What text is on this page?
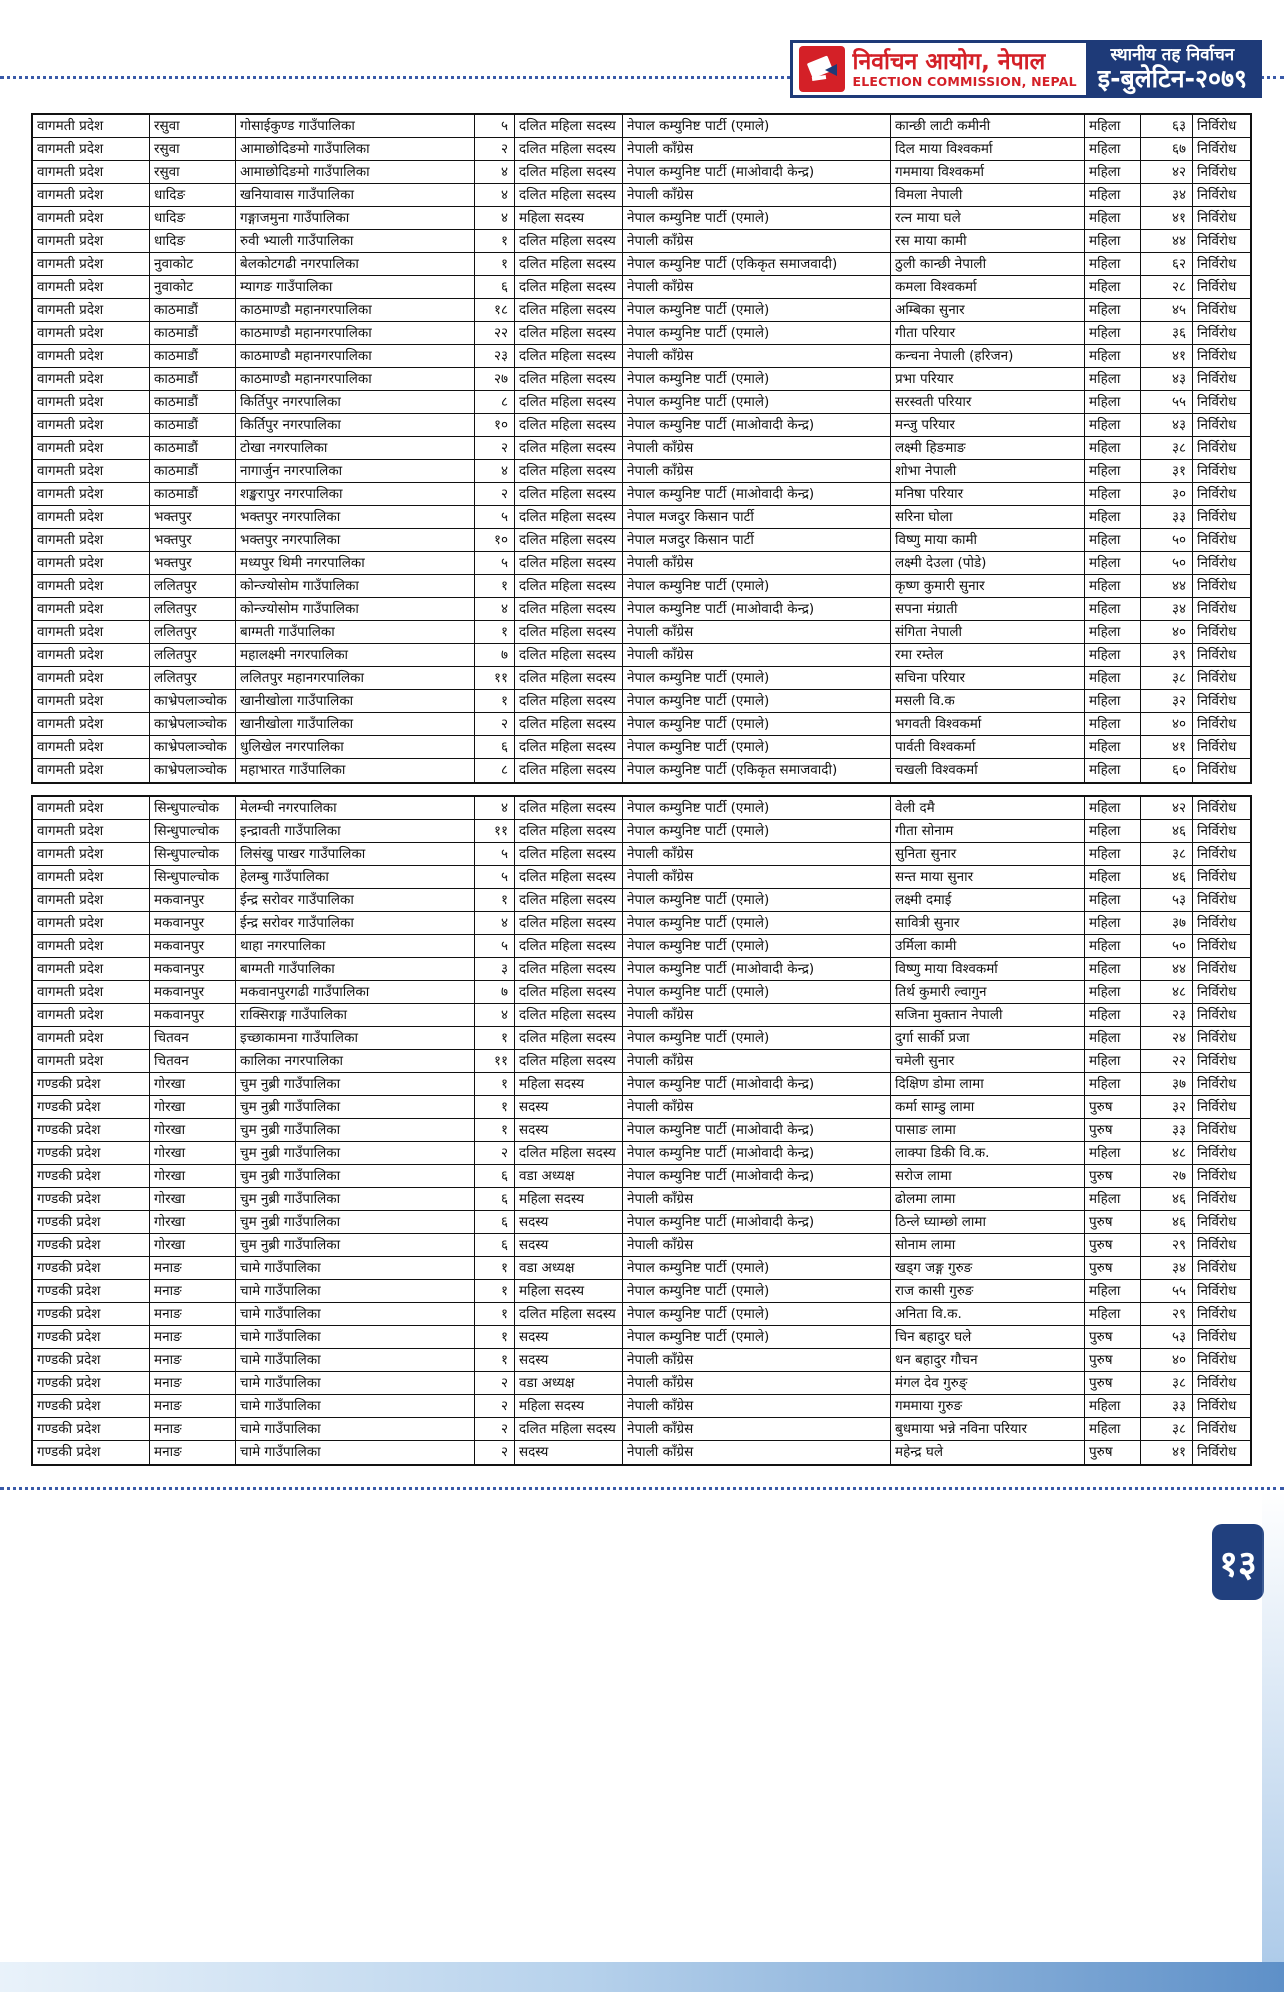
निर्वाचन आयोग, नेपाल
ELECTION COMMISSION, NEPAL
स्थानीय तह निर्वाचन
इ-बुलेटिन-२०७९
वागमती प्रदेश	रसुवा	गोसाईकुण्ड गाउँपालिका	५ दलित महिला सदस्य नेपाल कम्युनिष्ट पार्टी (एमाले)	कान्छी लाटी कमीनी	महिला	६३ निर्विरोध
वागमती प्रदेश	रसुवा	आमाछोदिङमो गाउँपालिका	२ दलित महिला सदस्य नेपाली काँग्रेस	दिल माया विश्वकर्मा	महिला	६७ निर्विरोध
वागमती प्रदेश	रसुवा	आमाछोदिङमो गाउँपालिका	४ दलित महिला सदस्य नेपाल कम्युनिष्ट पार्टी (माओवादी केन्द्र)	गममाया विश्वकर्मा	महिला	४२ निर्विरोध
वागमती प्रदेश	धादिङ	खनियावास गाउँपालिका	४ दलित महिला सदस्य नेपाली काँग्रेस	विमला नेपाली	महिला	३४ निर्विरोध
वागमती प्रदेश	धादिङ	गङ्गाजमुना गाउँपालिका	४ महिला सदस्य	नेपाल कम्युनिष्ट पार्टी (एमाले)	रत्न माया घले	महिला	४१ निर्विरोध
वागमती प्रदेश	धादिङ	रुवी भ्याली गाउँपालिका	१ दलित महिला सदस्य नेपाली काँग्रेस	रस माया कामी	महिला	४४ निर्विरोध
वागमती प्रदेश	नुवाकोट	बेलकोटगढी नगरपालिका	१ दलित महिला सदस्य नेपाल कम्युनिष्ट पार्टी (एकिकृत समाजवादी)	ठुली कान्छी नेपाली	महिला	६२ निर्विरोध
वागमती प्रदेश	नुवाकोट	म्यागङ गाउँपालिका	६ दलित महिला सदस्य नेपाली काँग्रेस	कमला विश्वकर्मा	महिला	२८ निर्विरोध
वागमती प्रदेश	काठमाडौं	काठमाण्डौ महानगरपालिका	१८ दलित महिला सदस्य नेपाल कम्युनिष्ट पार्टी (एमाले)	अम्बिका सुनार	महिला	४५ निर्विरोध
वागमती प्रदेश	काठमाडौं	काठमाण्डौ महानगरपालिका	२२ दलित महिला सदस्य नेपाल कम्युनिष्ट पार्टी (एमाले)	गीता परियार	महिला	३६ निर्विरोध
वागमती प्रदेश	काठमाडौं	काठमाण्डौ महानगरपालिका	२३ दलित महिला सदस्य नेपाली काँग्रेस	कन्चना नेपाली (हरिजन)	महिला	४१ निर्विरोध
वागमती प्रदेश	काठमाडौं	काठमाण्डौ महानगरपालिका	२७ दलित महिला सदस्य नेपाल कम्युनिष्ट पार्टी (एमाले)	प्रभा परियार	महिला	४३ निर्विरोध
वागमती प्रदेश	काठमाडौं	किर्तिपुर नगरपालिका	८ दलित महिला सदस्य नेपाल कम्युनिष्ट पार्टी (एमाले)	सरस्वती परियार	महिला	५५ निर्विरोध
वागमती प्रदेश	काठमाडौं	किर्तिपुर नगरपालिका	१० दलित महिला सदस्य नेपाल कम्युनिष्ट पार्टी (माओवादी केन्द्र)	मन्जु परियार	महिला	४३ निर्विरोध
वागमती प्रदेश	काठमाडौं	टोखा नगरपालिका	२ दलित महिला सदस्य नेपाली काँग्रेस	लक्ष्मी हिङमाङ	महिला	३८ निर्विरोध
वागमती प्रदेश	काठमाडौं	नागार्जुन नगरपालिका	४ दलित महिला सदस्य नेपाली काँग्रेस	शोभा नेपाली	महिला	३१ निर्विरोध
वागमती प्रदेश	काठमाडौं	शङ्खरापुर नगरपालिका	२ दलित महिला सदस्य नेपाल कम्युनिष्ट पार्टी (माओवादी केन्द्र)	मनिषा परियार	महिला	३० निर्विरोध
वागमती प्रदेश	भक्तपुर	भक्तपुर नगरपालिका	५ दलित महिला सदस्य नेपाल मजदुर किसान पार्टी	सरिना घोला	महिला	३३ निर्विरोध
वागमती प्रदेश	भक्तपुर	भक्तपुर नगरपालिका	१० दलित महिला सदस्य नेपाल मजदुर किसान पार्टी	विष्णु माया कामी	महिला	५० निर्विरोध
वागमती प्रदेश	भक्तपुर	मध्यपुर थिमी नगरपालिका	५ दलित महिला सदस्य नेपाली काँग्रेस	लक्ष्मी देउला (पोडे)	महिला	५० निर्विरोध
वागमती प्रदेश	ललितपुर	कोन्ज्योसोम गाउँपालिका	१ दलित महिला सदस्य नेपाल कम्युनिष्ट पार्टी (एमाले)	कृष्ण कुमारी सुनार	महिला	४४ निर्विरोध
वागमती प्रदेश	ललितपुर	कोन्ज्योसोम गाउँपालिका	४ दलित महिला सदस्य नेपाल कम्युनिष्ट पार्टी (माओवादी केन्द्र)	सपना मंग्राती	महिला	३४ निर्विरोध
वागमती प्रदेश	ललितपुर	बाग्मती गाउँपालिका	१ दलित महिला सदस्य नेपाली काँग्रेस	संगिता नेपाली	महिला	४० निर्विरोध
वागमती प्रदेश	ललितपुर	महालक्ष्मी नगरपालिका	७ दलित महिला सदस्य नेपाली काँग्रेस	रमा रम्तेल	महिला	३९ निर्विरोध
वागमती प्रदेश	ललितपुर	ललितपुर महानगरपालिका	११ दलित महिला सदस्य नेपाल कम्युनिष्ट पार्टी (एमाले)	सचिना परियार	महिला	३८ निर्विरोध
वागमती प्रदेश	काभ्रेपलाञ्चोक खानीखोला गाउँपालिका	१ दलित महिला सदस्य नेपाल कम्युनिष्ट पार्टी (एमाले)	मसली वि.क	महिला	३२ निर्विरोध
वागमती प्रदेश	काभ्रेपलाञ्चोक खानीखोला गाउँपालिका	२ दलित महिला सदस्य नेपाल कम्युनिष्ट पार्टी (एमाले)	भगवती विश्वकर्मा	महिला	४० निर्विरोध
वागमती प्रदेश	काभ्रेपलाञ्चोक धुलिखेल नगरपालिका	६ दलित महिला सदस्य नेपाल कम्युनिष्ट पार्टी (एमाले)	पार्वती विश्वकर्मा	महिला	४१ निर्विरोध
वागमती प्रदेश	काभ्रेपलाञ्चोक महाभारत गाउँपालिका	८ दलित महिला सदस्य नेपाल कम्युनिष्ट पार्टी (एकिकृत समाजवादी)	चखली विश्वकर्मा	महिला	६० निर्विरोध
वागमती प्रदेश	सिन्धुपाल्चोक	मेलम्ची नगरपालिका	४ दलित महिला सदस्य नेपाल कम्युनिष्ट पार्टी (एमाले)	वेली दमै	महिला	४२ निर्विरोध
वागमती प्रदेश	सिन्धुपाल्चोक	इन्द्रावती गाउँपालिका	११ दलित महिला सदस्य नेपाल कम्युनिष्ट पार्टी (एमाले)	गीता सोनाम	महिला	४६ निर्विरोध
वागमती प्रदेश	सिन्धुपाल्चोक	लिसंखु पाखर गाउँपालिका	५ दलित महिला सदस्य नेपाली काँग्रेस	सुनिता सुनार	महिला	३८ निर्विरोध
वागमती प्रदेश	सिन्धुपाल्चोक	हेलम्बु गाउँपालिका	५ दलित महिला सदस्य नेपाली काँग्रेस	सन्त माया सुनार	महिला	४६ निर्विरोध
वागमती प्रदेश	मकवानपुर	ईन्द्र सरोवर गाउँपालिका	१ दलित महिला सदस्य नेपाल कम्युनिष्ट पार्टी (एमाले)	लक्ष्मी दमाई	महिला	५३ निर्विरोध
वागमती प्रदेश	मकवानपुर	ईन्द्र सरोवर गाउँपालिका	४ दलित महिला सदस्य नेपाल कम्युनिष्ट पार्टी (एमाले)	सावित्री सुनार	महिला	३७ निर्विरोध
वागमती प्रदेश	मकवानपुर	थाहा नगरपालिका	५ दलित महिला सदस्य नेपाल कम्युनिष्ट पार्टी (एमाले)	उर्मिला कामी	महिला	५० निर्विरोध
वागमती प्रदेश	मकवानपुर	बाग्मती गाउँपालिका	३ दलित महिला सदस्य नेपाल कम्युनिष्ट पार्टी (माओवादी केन्द्र)	विष्णु माया विश्वकर्मा	महिला	४४ निर्विरोध
वागमती प्रदेश	मकवानपुर	मकवानपुरगढी गाउँपालिका	७ दलित महिला सदस्य नेपाल कम्युनिष्ट पार्टी (एमाले)	तिर्थ कुमारी ल्वागुन	महिला	४८ निर्विरोध
वागमती प्रदेश	मकवानपुर	राक्सिराङ्ग गाउँपालिका	४ दलित महिला सदस्य नेपाली काँग्रेस	सजिना मुक्तान नेपाली	महिला	२३ निर्विरोध
वागमती प्रदेश	चितवन	इच्छाकामना गाउँपालिका	१ दलित महिला सदस्य नेपाल कम्युनिष्ट पार्टी (एमाले)	दुर्गा सार्की प्रजा	महिला	२४ निर्विरोध
वागमती प्रदेश	चितवन	कालिका नगरपालिका	११ दलित महिला सदस्य नेपाली काँग्रेस	चमेली सुनार	महिला	२२ निर्विरोध
गण्डकी प्रदेश	गोरखा	चुम नुब्री गाउँपालिका	१ महिला सदस्य	नेपाल कम्युनिष्ट पार्टी (माओवादी केन्द्र)	दिक्षिण डोमा लामा	महिला	३७ निर्विरोध
गण्डकी प्रदेश	गोरखा	चुम नुब्री गाउँपालिका	१ सदस्य	नेपाली काँग्रेस	कर्मा साम्डु लामा	पुरुष	३२ निर्विरोध
गण्डकी प्रदेश	गोरखा	चुम नुब्री गाउँपालिका	१ सदस्य	नेपाल कम्युनिष्ट पार्टी (माओवादी केन्द्र)	पासाङ लामा	पुरुष	३३ निर्विरोध
गण्डकी प्रदेश	गोरखा	चुम नुब्री गाउँपालिका	२ दलित महिला सदस्य नेपाल कम्युनिष्ट पार्टी (माओवादी केन्द्र)	लाक्पा डिकी वि.क.	महिला	४८ निर्विरोध
गण्डकी प्रदेश	गोरखा	चुम नुब्री गाउँपालिका	६ वडा अध्यक्ष	नेपाल कम्युनिष्ट पार्टी (माओवादी केन्द्र)	सरोज लामा	पुरुष	२७ निर्विरोध
गण्डकी प्रदेश	गोरखा	चुम नुब्री गाउँपालिका	६ महिला सदस्य	नेपाली काँग्रेस	ढोलमा लामा	महिला	४६ निर्विरोध
गण्डकी प्रदेश	गोरखा	चुम नुब्री गाउँपालिका	६ सदस्य	नेपाल कम्युनिष्ट पार्टी (माओवादी केन्द्र)	ठिन्ले घ्याम्छो लामा	पुरुष	४६ निर्विरोध
गण्डकी प्रदेश	गोरखा	चुम नुब्री गाउँपालिका	६ सदस्य	नेपाली काँग्रेस	सोनाम लामा	पुरुष	२९ निर्विरोध
गण्डकी प्रदेश	मनाङ	चामे गाउँपालिका	१ वडा अध्यक्ष	नेपाल कम्युनिष्ट पार्टी (एमाले)	खड्ग जङ्ग गुरुङ	पुरुष	३४ निर्विरोध
गण्डकी प्रदेश	मनाङ	चामे गाउँपालिका	१ महिला सदस्य	नेपाल कम्युनिष्ट पार्टी (एमाले)	राज कासी गुरुङ	महिला	५५ निर्विरोध
गण्डकी प्रदेश	मनाङ	चामे गाउँपालिका	१ दलित महिला सदस्य नेपाल कम्युनिष्ट पार्टी (एमाले)	अनिता वि.क.	महिला	२९ निर्विरोध
गण्डकी प्रदेश	मनाङ	चामे गाउँपालिका	१ सदस्य	नेपाल कम्युनिष्ट पार्टी (एमाले)	चिन बहादुर घले	पुरुष	५३ निर्विरोध
गण्डकी प्रदेश	मनाङ	चामे गाउँपालिका	१ सदस्य	नेपाली काँग्रेस	धन बहादुर गौचन	पुरुष	४० निर्विरोध
गण्डकी प्रदेश	मनाङ	चामे गाउँपालिका	२ वडा अध्यक्ष	नेपाली काँग्रेस	मंगल देव गुरुङ्	पुरुष	३८ निर्विरोध
गण्डकी प्रदेश	मनाङ	चामे गाउँपालिका	२ महिला सदस्य	नेपाली काँग्रेस	गममाया गुरुङ	महिला	३३ निर्विरोध
गण्डकी प्रदेश	मनाङ	चामे गाउँपालिका	२ दलित महिला सदस्य नेपाली काँग्रेस	बुधमाया भन्ने नविना परियार	महिला	३८ निर्विरोध
गण्डकी प्रदेश	मनाङ	चामे गाउँपालिका	२ सदस्य	नेपाली काँग्रेस	महेन्द्र घले	पुरुष	४१ निर्विरोध
१३
